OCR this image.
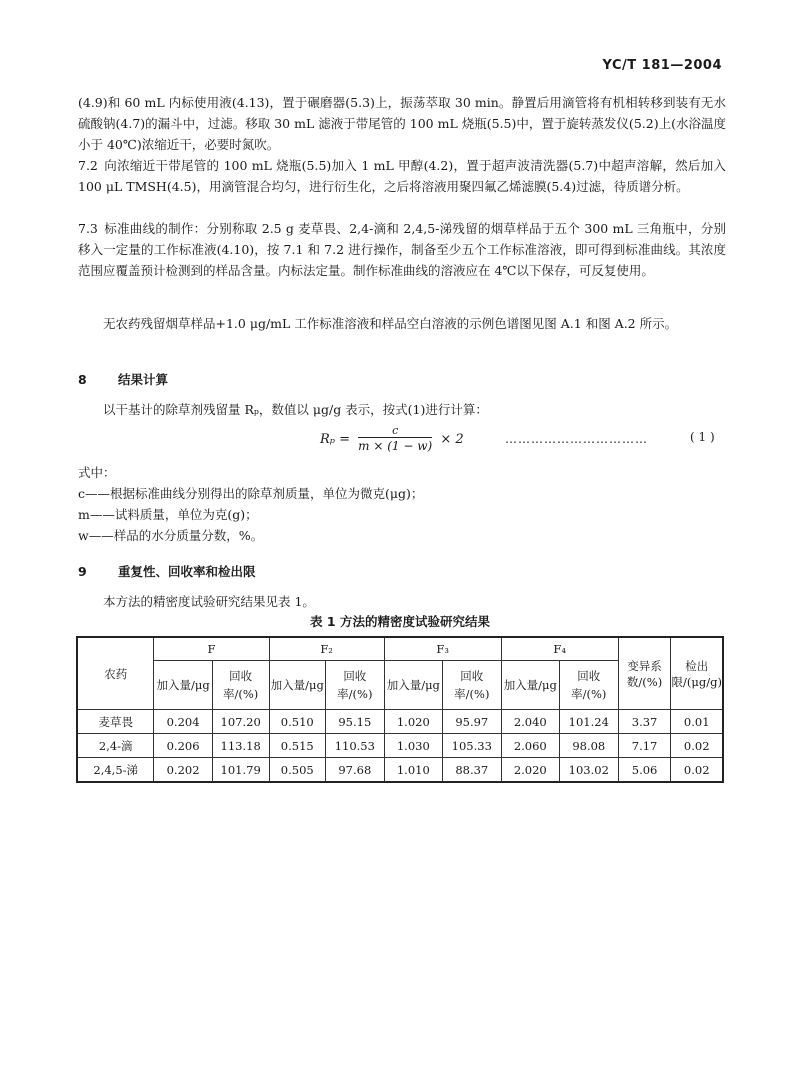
YC/T 181—2004

(4.9)和 60 mL 内标使用液(4.13)，置于碾磨器(5.3)上，振荡萃取 30 min。静置后用滴管将有机相转移到装有无水硫酸钠(4.7)的漏斗中，过滤。移取 30 mL 滤液于带尾管的 100 mL 烧瓶(5.5)中，置于旋转蒸发仪(5.2)上(水浴温度小于 40℃)浓缩近干，必要时氮吹。

7.2 向浓缩近干带尾管的 100 mL 烧瓶(5.5)加入 1 mL 甲醇(4.2)，置于超声波清洗器(5.7)中超声溶解，然后加入 100 μL TMSH(4.5)，用滴管混合均匀，进行衍生化，之后将溶液用聚四氟乙烯滤膜(5.4)过滤，待质谱分析。

7.3 标准曲线的制作：分别称取 2.5 g 麦草畏、2,4-滴和 2,4,5-涕残留的烟草样品于五个 300 mL 三角瓶中，分别移入一定量的工作标准液(4.10)，按 7.1 和 7.2 进行操作，制备至少五个工作标准溶液，即可得到标准曲线。其浓度范围应覆盖预计检测到的样品含量。内标法定量。制作标准曲线的溶液应在 4℃以下保存，可反复使用。

无农药残留烟草样品+1.0 μg/mL 工作标准溶液和样品空白溶液的示例色谱图见图 A.1 和图 A.2 所示。

8	结果计算

以干基计的除草剂残留量 Rₚ，数值以 μg/g 表示，按式(1)进行计算：

$R_p = \frac{c}{m \times (1 - w)} \times 2$	……………………………	( 1 )

式中：

c——根据标准曲线分别得出的除草剂质量，单位为微克(μg)；

m——试料质量，单位为克(g)；

w——样品的水分质量分数，%。

9	重复性、回收率和检出限

本方法的精密度试验研究结果见表 1。

表 1 方法的精密度试验研究结果
农药	F		F₂		F₃		F₄		变异系数/(%)	检出限/(μg/g)
	加入量/μg	回收率/(%)	加入量/μg	回收率/(%)	加入量/μg	回收率/(%)	加入量/μg	回收率/(%)		
麦草畏	0.204	107.20	0.510	95.15	1.020	95.97	2.040	101.24	3.37	0.01
2,4-滴	0.206	113.18	0.515	110.53	1.030	105.33	2.060	98.08	7.17	0.02
2,4,5-涕	0.202	101.79	0.505	97.68	1.010	88.37	2.020	103.02	5.06	0.02
